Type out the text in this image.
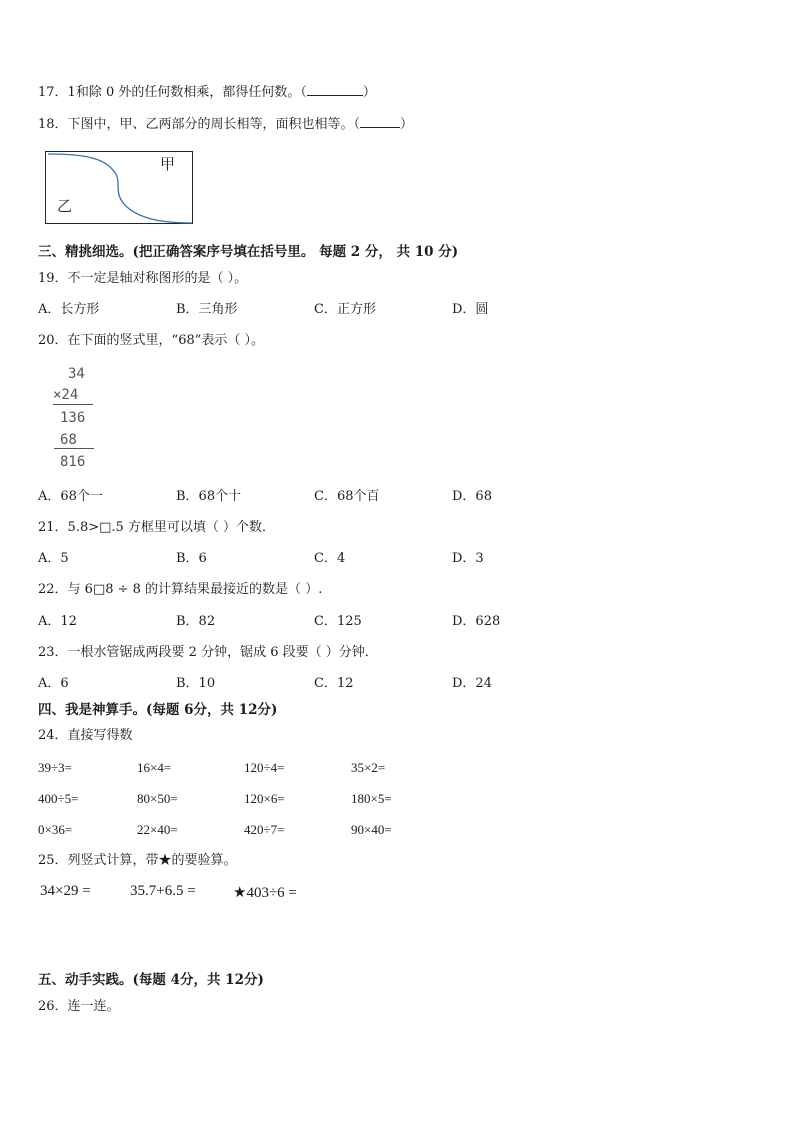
17．1和除 0 外的任何数相乘，都得任何数。（	）
18．下图中，甲、乙两部分的周长相等，面积也相等。（	）
甲
乙
三、精挑细选。(把正确答案序号填在括号里。 每题 2 分， 共 10 分)
19．不一定是轴对称图形的是（ ）。
A．长方形	B．三角形	C．正方形	D．圆
20．在下面的竖式里，“68”表示（ ）。
34
×24
136
68
816
A．68个一	B．68个十	C．68个百	D．68
21．5.8>□.5 方框里可以填（ ）个数．
A．5	B．6	C．4	D．3
22．与 6□8 ÷ 8 的计算结果最接近的数是（ ）.
A．12	B．82	C．125	D．628
23．一根水管锯成两段要 2 分钟，锯成 6 段要（ ）分钟．
A．6	B．10	C．12	D．24
四、我是神算手。(每题 6分，共 12分)
24．直接写得数
39÷3=	16×4=	120÷4=	35×2=
400÷5=	80×50=	120×6=	180×5=
0×36=	22×40=	420÷7=	90×40=
25．列竖式计算，带★的要验算。
34×29 =	35.7+6.5 = ★403÷6 =
五、动手实践。(每题 4分，共 12分)
26．连一连。
